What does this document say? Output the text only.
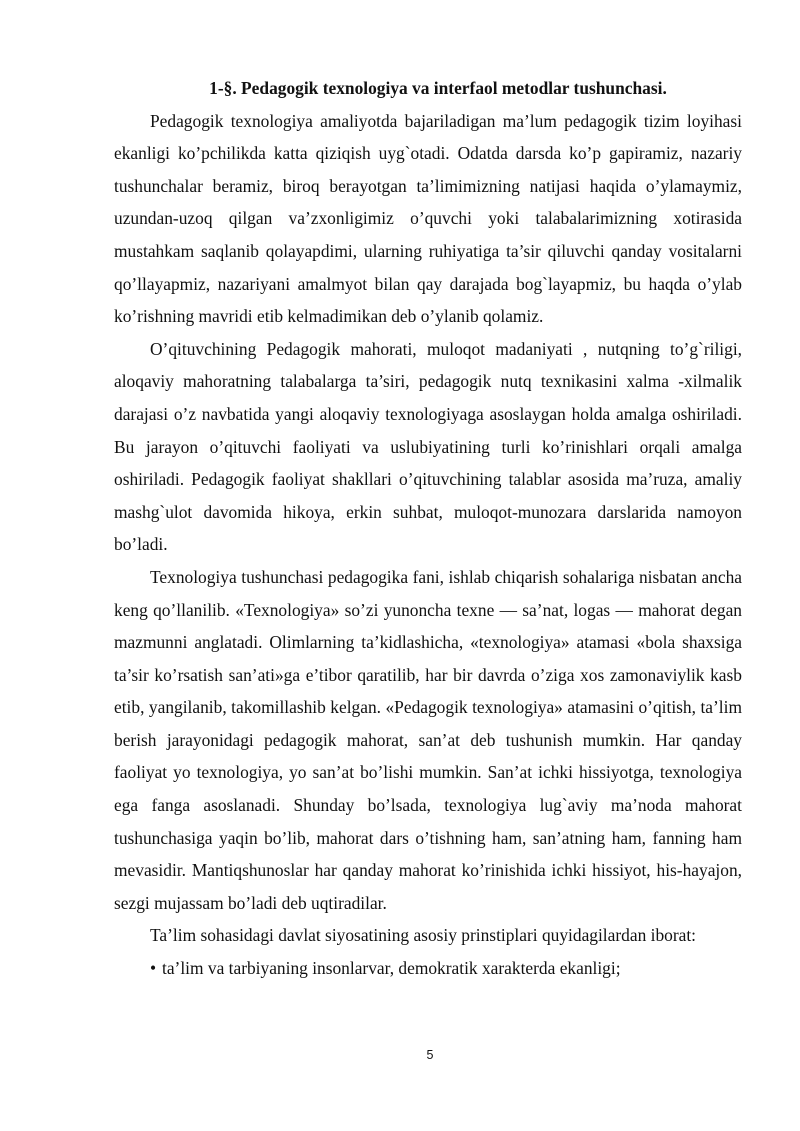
1-§. Pedagogik texnologiya va interfaol metodlar tushunchasi.

Pedagogik texnologiya amaliyotda bajariladigan ma’lum pedagogik tizim loyihasi ekanligi ko’pchilikda katta qiziqish uyg`otadi. Odatda darsda ko’p gapiramiz, nazariy tushunchalar beramiz, biroq berayotgan ta’limimizning natijasi haqida o’ylamaymiz, uzundan-uzoq qilgan va’zxonligimiz o’quvchi yoki talabalarimizning xotirasida mustahkam saqlanib qolayapdimi, ularning ruhiyatiga ta’sir qiluvchi qanday vositalarni qo’llayapmiz, nazariyani amalmyot bilan qay darajada bog`layapmiz, bu haqda o’ylab ko’rishning mavridi etib kelmadimikan deb o’ylanib qolamiz.

O’qituvchining Pedagogik mahorati, muloqot madaniyati , nutqning to’g`riligi, aloqaviy mahoratning talabalarga ta’siri, pedagogik nutq texnikasini xalma -xilmalik darajasi o’z navbatida yangi aloqaviy texnologiyaga asoslaygan holda amalga oshiriladi. Bu jarayon o’qituvchi faoliyati va uslubiyatining turli ko’rinishlari orqali amalga oshiriladi. Pedagogik faoliyat shakllari o’qituvchining talablar asosida ma’ruza, amaliy mashg`ulot davomida hikoya, erkin suhbat, muloqot-munozara darslarida namoyon bo’ladi.

Texnologiya tushunchasi pedagogika fani, ishlab chiqarish sohalariga nisbatan ancha keng qo’llanilib. «Texnologiya» so’zi yunoncha texne — sa’nat, logas — mahorat degan mazmunni anglatadi. Olimlarning ta’kidlashicha, «texnologiya» atamasi «bola shaxsiga ta’sir ko’rsatish san’ati»ga e’tibor qaratilib, har bir davrda o’ziga xos zamonaviylik kasb etib, yangilanib, takomillashib kelgan. «Pedagogik texnologiya» atamasini o’qitish, ta’lim berish jarayonidagi pedagogik mahorat, san’at deb tushunish mumkin. Har qanday faoliyat yo texnologiya, yo san’at bo’lishi mumkin. San’at ichki hissiyotga, texnologiya ega fanga asoslanadi. Shunday bo’lsada, texnologiya lug`aviy ma’noda mahorat tushunchasiga yaqin bo’lib, mahorat dars o’tishning ham, san’atning ham, fanning ham mevasidir. Mantiqshunoslar har qanday mahorat ko’rinishida ichki hissiyot, his-hayajon, sezgi mujassam bo’ladi deb uqtiradilar.

Ta’lim sohasidagi davlat siyosatining asosiy prinstiplari quyidagilardan iborat:

• ta’lim va tarbiyaning insonlarvar, demokratik xarakterda ekanligi;

5
